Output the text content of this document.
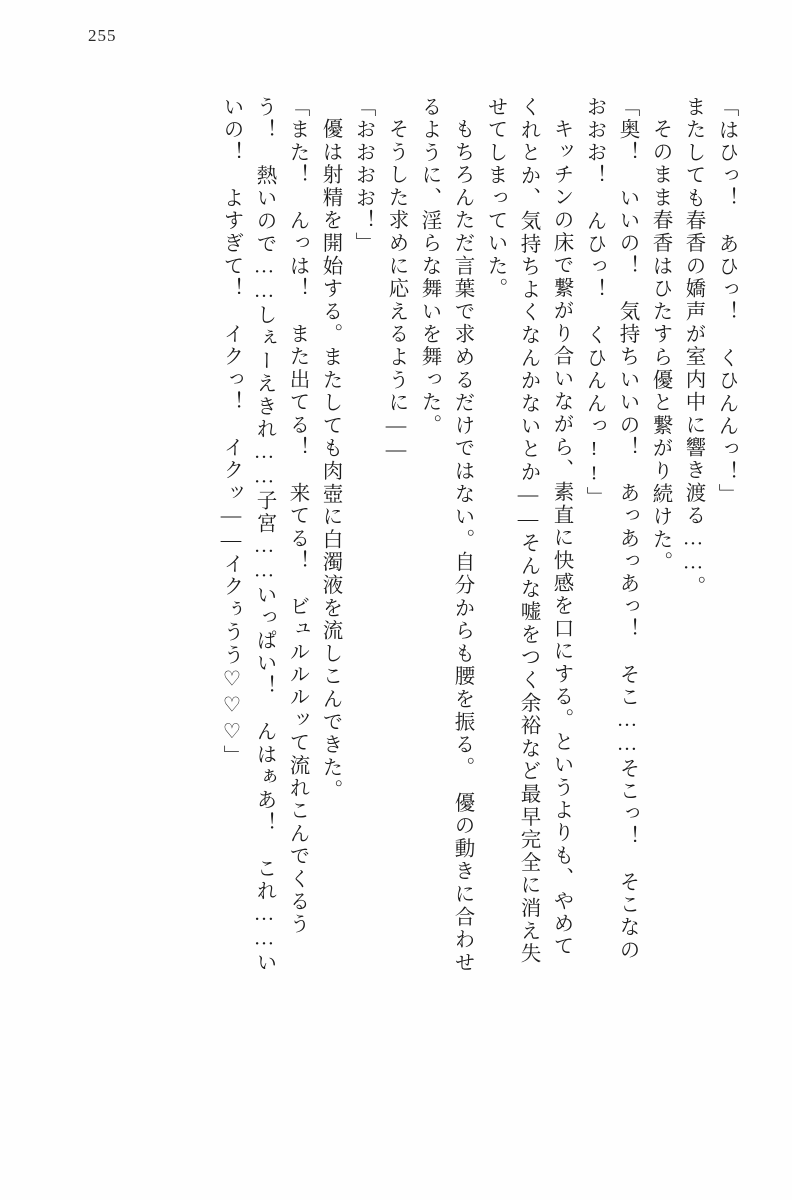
255
「はひっ！　あひっ！　くひんんっ！」
またしても春香の嬌声が室内中に響き渡る……。
そのまま春香はひたすら優と繋がり続けた。
「奥！　いいの！　気持ちいいの！　あっあっあっ！　そこ……そこっ！　そこなの
おおお！　んひっ！　くひんんっ!!」
キッチンの床で繋がり合いながら、素直に快感を口にする。というよりも、やめて
くれとか、気持ちよくなんかないとか——そんな嘘をつく余裕など最早完全に消え失
せてしまっていた。
もちろんただ言葉で求めるだけではない。自分からも腰を振る。　優の動きに合わせ
るように、淫らな舞いを舞った。
そうした求めに応えるように——
「おおおお！」
優は射精を開始する。またしても肉壺に白濁液を流しこんできた。
「また！　んっは！　また出てる！　来てる！　ビュルルルッて流れこんでくるう
う！　熱いので……しぇーえきれ……子宮……いっぱい！　んはぁあ！　これ……い
いの！　よすぎて！　イクっ！　イクッ——イクぅうう♡♡♡」
